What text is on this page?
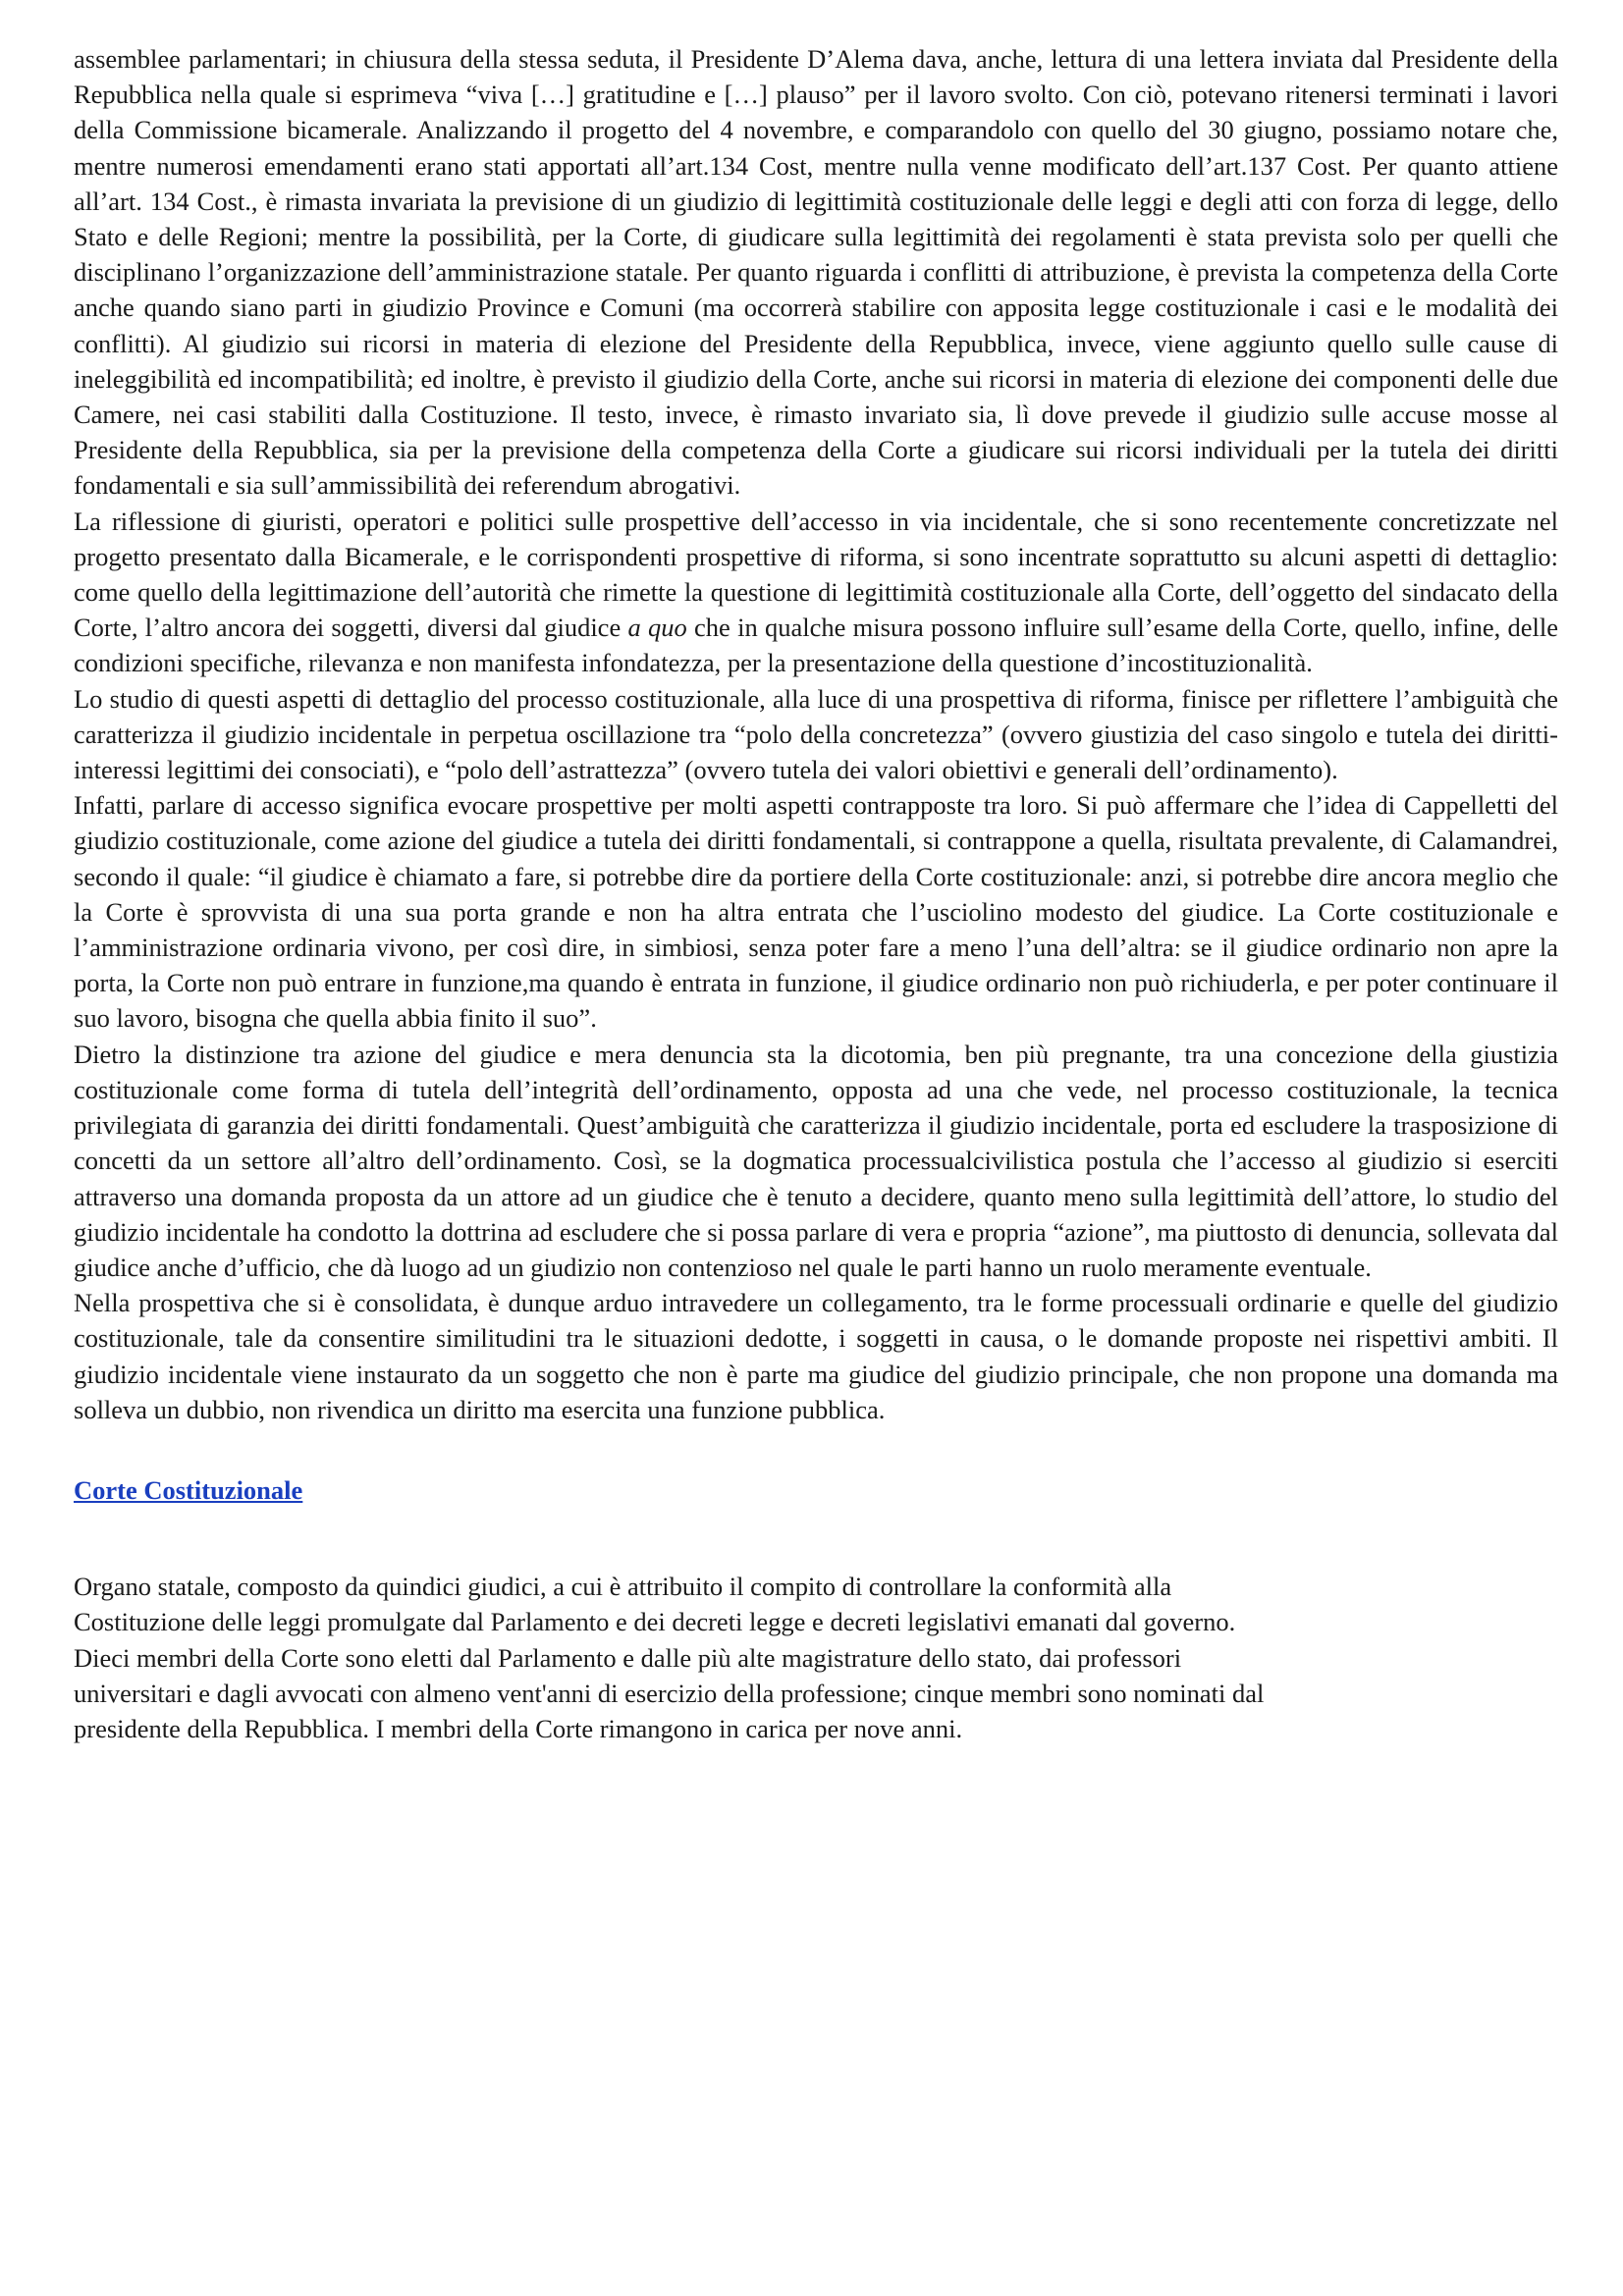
assemblee parlamentari; in chiusura della stessa seduta, il Presidente D’Alema dava, anche, lettura di una lettera inviata dal Presidente della Repubblica nella quale si esprimeva “viva […] gratitudine e […] plauso” per il lavoro svolto. Con ciò, potevano ritenersi terminati i lavori della Commissione bicamerale. Analizzando il progetto del 4 novembre, e comparandolo con quello del 30 giugno, possiamo notare che, mentre numerosi emendamenti erano stati apportati all’art.134 Cost, mentre nulla venne modificato dell’art.137 Cost. Per quanto attiene all’art. 134 Cost., è rimasta invariata la previsione di un giudizio di legittimità costituzionale delle leggi e degli atti con forza di legge, dello Stato e delle Regioni; mentre la possibilità, per la Corte, di giudicare sulla legittimità dei regolamenti è stata prevista solo per quelli che disciplinano l’organizzazione dell’amministrazione statale. Per quanto riguarda i conflitti di attribuzione, è prevista la competenza della Corte anche quando siano parti in giudizio Province e Comuni (ma occorrerà stabilire con apposita legge costituzionale i casi e le modalità dei conflitti). Al giudizio sui ricorsi in materia di elezione del Presidente della Repubblica, invece, viene aggiunto quello sulle cause di ineleggibilità ed incompatibilità; ed inoltre, è previsto il giudizio della Corte, anche sui ricorsi in materia di elezione dei componenti delle due Camere, nei casi stabiliti dalla Costituzione. Il testo, invece, è rimasto invariato sia, lì dove prevede il giudizio sulle accuse mosse al Presidente della Repubblica, sia per la previsione della competenza della Corte a giudicare sui ricorsi individuali per la tutela dei diritti fondamentali e sia sull’ammissibilità dei referendum abrogativi.

La riflessione di giuristi, operatori e politici sulle prospettive dell’accesso in via incidentale, che si sono recentemente concretizzate nel progetto presentato dalla Bicamerale, e le corrispondenti prospettive di riforma, si sono incentrate soprattutto su alcuni aspetti di dettaglio: come quello della legittimazione dell’autorità che rimette la questione di legittimità costituzionale alla Corte, dell’oggetto del sindacato della Corte, l’altro ancora dei soggetti, diversi dal giudice a quo che in qualche misura possono influire sull’esame della Corte, quello, infine, delle condizioni specifiche, rilevanza e non manifesta infondatezza, per la presentazione della questione d’incostituzionalità.

Lo studio di questi aspetti di dettaglio del processo costituzionale, alla luce di una prospettiva di riforma, finisce per riflettere l’ambiguità che caratterizza il giudizio incidentale in perpetua oscillazione tra “polo della concretezza” (ovvero giustizia del caso singolo e tutela dei diritti-interessi legittimi dei consociati), e “polo dell’astrattezza” (ovvero tutela dei valori obiettivi e generali dell’ordinamento).

Infatti, parlare di accesso significa evocare prospettive per molti aspetti contrapposte tra loro. Si può affermare che l’idea di Cappelletti del giudizio costituzionale, come azione del giudice a tutela dei diritti fondamentali, si contrappone a quella, risultata prevalente, di Calamandrei, secondo il quale: “il giudice è chiamato a fare, si potrebbe dire da portiere della Corte costituzionale: anzi, si potrebbe dire ancora meglio che la Corte è sprovvista di una sua porta grande e non ha altra entrata che l’usciolino modesto del giudice. La Corte costituzionale e l’amministrazione ordinaria vivono, per così dire, in simbiosi, senza poter fare a meno l’una dell’altra: se il giudice ordinario non apre la porta, la Corte non può entrare in funzione,ma quando è entrata in funzione, il giudice ordinario non può richiuderla, e per poter continuare il suo lavoro, bisogna che quella abbia finito il suo”.

Dietro la distinzione tra azione del giudice e mera denuncia sta la dicotomia, ben più pregnante, tra una concezione della giustizia costituzionale come forma di tutela dell’integrità dell’ordinamento, opposta ad una che vede, nel processo costituzionale, la tecnica privilegiata di garanzia dei diritti fondamentali. Quest’ambiguità che caratterizza il giudizio incidentale, porta ed escludere la trasposizione di concetti da un settore all’altro dell’ordinamento. Così, se la dogmatica processualcivilistica postula che l’accesso al giudizio si eserciti attraverso una domanda proposta da un attore ad un giudice che è tenuto a decidere, quanto meno sulla legittimità dell’attore, lo studio del giudizio incidentale ha condotto la dottrina ad escludere che si possa parlare di vera e propria “azione”, ma piuttosto di denuncia, sollevata dal giudice anche d’ufficio, che dà luogo ad un giudizio non contenzioso nel quale le parti hanno un ruolo meramente eventuale.

Nella prospettiva che si è consolidata, è dunque arduo intravedere un collegamento, tra le forme processuali ordinarie e quelle del giudizio costituzionale, tale da consentire similitudini tra le situazioni dedotte, i soggetti in causa, o le domande proposte nei rispettivi ambiti. Il giudizio incidentale viene instaurato da un soggetto che non è parte ma giudice del giudizio principale, che non propone una domanda ma solleva un dubbio, non rivendica un diritto ma esercita una funzione pubblica.

Corte Costituzionale
Organo statale, composto da quindici giudici, a cui è attribuito il compito di controllare la conformità alla
Costituzione delle leggi promulgate dal Parlamento e dei decreti legge e decreti legislativi emanati dal governo.
Dieci membri della Corte sono eletti dal Parlamento e dalle più alte magistrature dello stato, dai professori
universitari e dagli avvocati con almeno vent'anni di esercizio della professione; cinque membri sono nominati dal
presidente della Repubblica. I membri della Corte rimangono in carica per nove anni.
